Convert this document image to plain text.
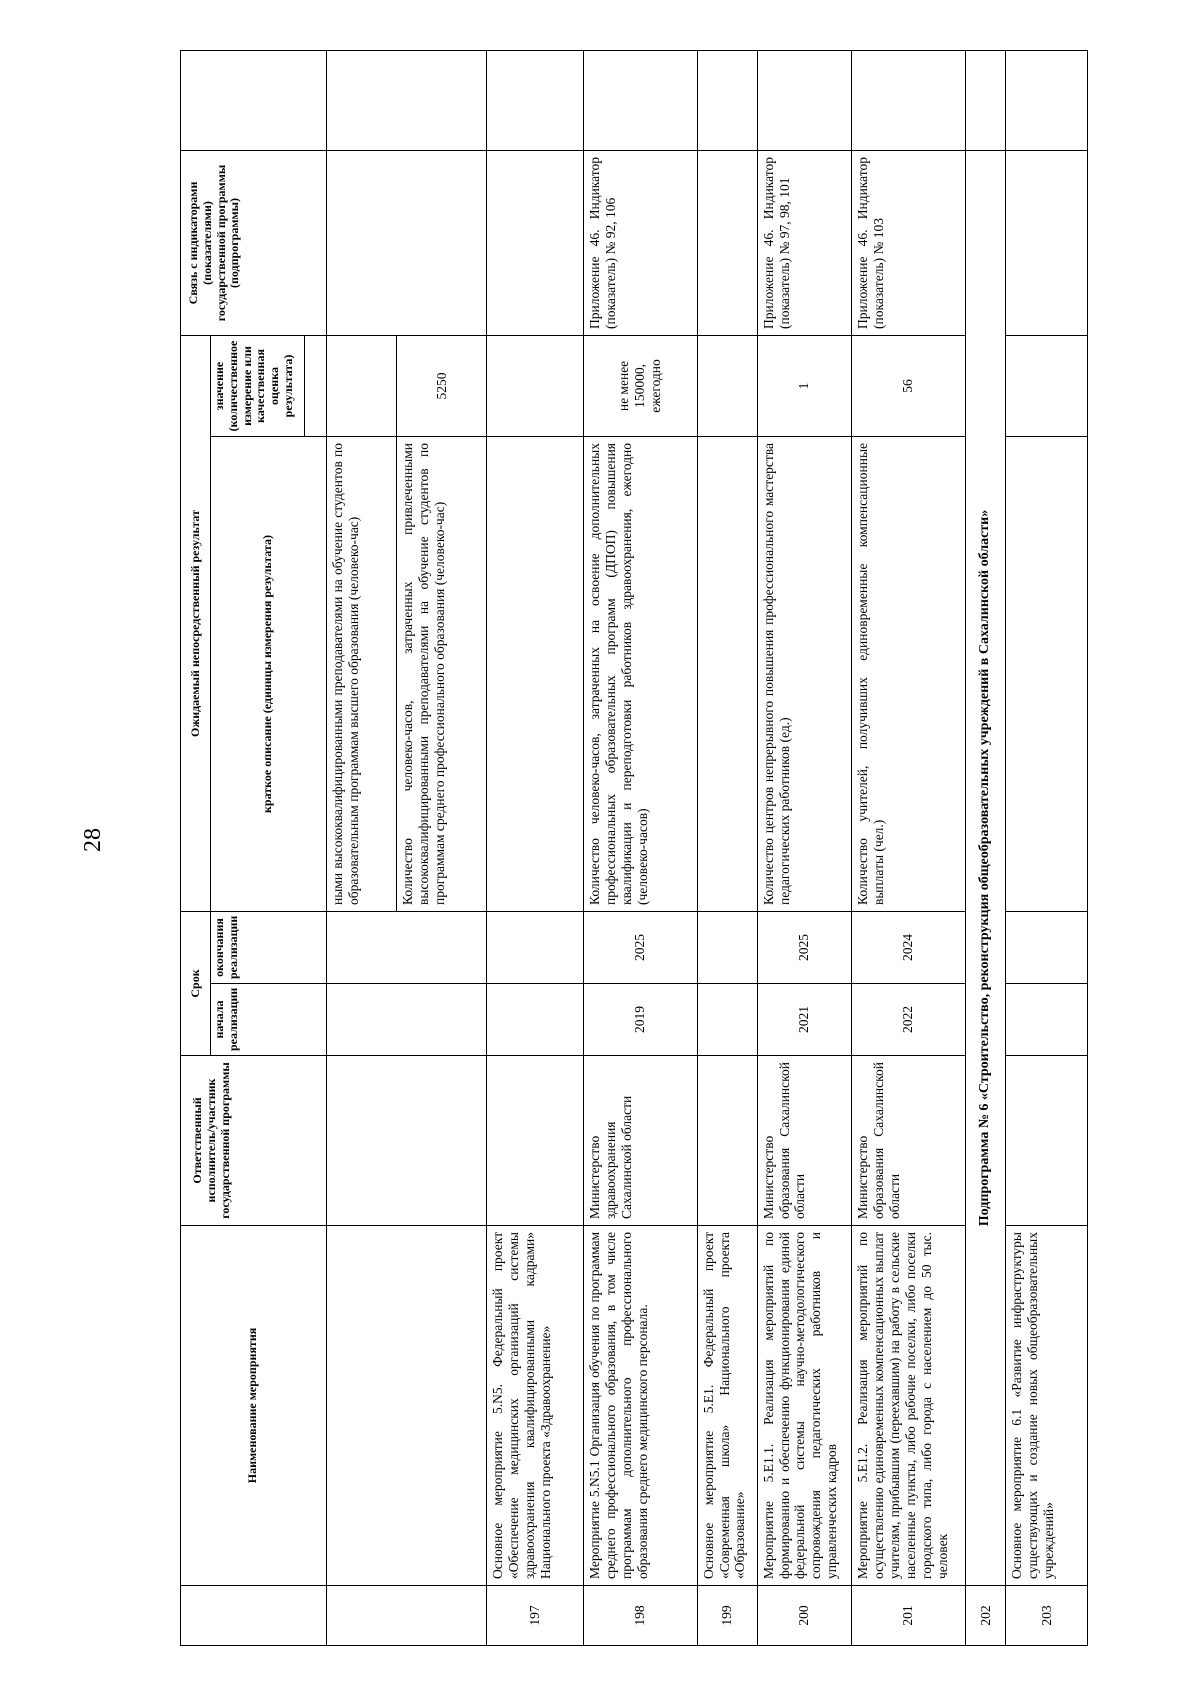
28
	Наименование мероприятия	Ответственный исполнитель/участник государственной программы	Срок		Ожидаемый непосредственный результат		Связь с индикаторами (показателями) государственной программы (подпрограммы)	
			начала реализации	окончания реализации	краткое описание (единицы измерения результата)	значение (количественное измерение или качественная оценка результата)		

					ными высококвалифицированными преподавателями на обучение студентов по образовательным программам высшего образования (человеко-час)			
					Количество человеко-часов, затраченных привлеченными высококвалифицированными преподавателями на обучение студентов по программам среднего профессионального образования (человеко-час)	5250		
197	Основное мероприятие 5.N5. Федеральный проект «Обеспечение медицинских организаций системы здравоохранения квалифицированными кадрами» Национального проекта «Здравоохранение»							
198	Мероприятие 5.N5.1 Организация обучения по программам среднего профессионального образования, в том числе программам дополнительного профессионального образования среднего медицинского персонала.	Министерство здравоохранения Сахалинской области	2019	2025	Количество человеко-часов, затраченных на освоение дополнительных профессиональных образовательных программ (ДПОП) повышения квалификации и переподготовки работников здравоохранения, ежегодно (человеко-часов)	не менее 150000, ежегодно	Приложение 46. Индикатор (показатель) № 92, 106	
199	Основное мероприятие 5.E1. Федеральный проект «Современная школа» Национального проекта «Образование»							
200	Мероприятие 5.E1.1. Реализация мероприятий по формированию и обеспечению функционирования единой федеральной системы научно-методологического сопровождения педагогических работников и управленческих кадров	Министерство образования Сахалинской области	2021	2025	Количество центров непрерывного повышения профессионального мастерства педагогических работников (ед.)	1	Приложение 46. Индикатор (показатель) № 97, 98, 101	
201	Мероприятие 5.E1.2. Реализация мероприятий по осуществлению единовременных компенсационных выплат учителям, прибывшим (переехавшим) на работу в сельские населенные пункты, либо рабочие поселки, либо поселки городского типа, либо города с населением до 50 тыс. человек	Министерство образования Сахалинской области	2022	2024	Количество учителей, получивших единовременные компенсационные выплаты (чел.)	56	Приложение 46. Индикатор (показатель) № 103	
202	Подпрограмма № 6 «Строительство, реконструкция общеобразовательных учреждений в Сахалинской области»							
203	Основное мероприятие 6.1 «Развитие инфраструктуры существующих и создание новых общеобразовательных учреждений»							
